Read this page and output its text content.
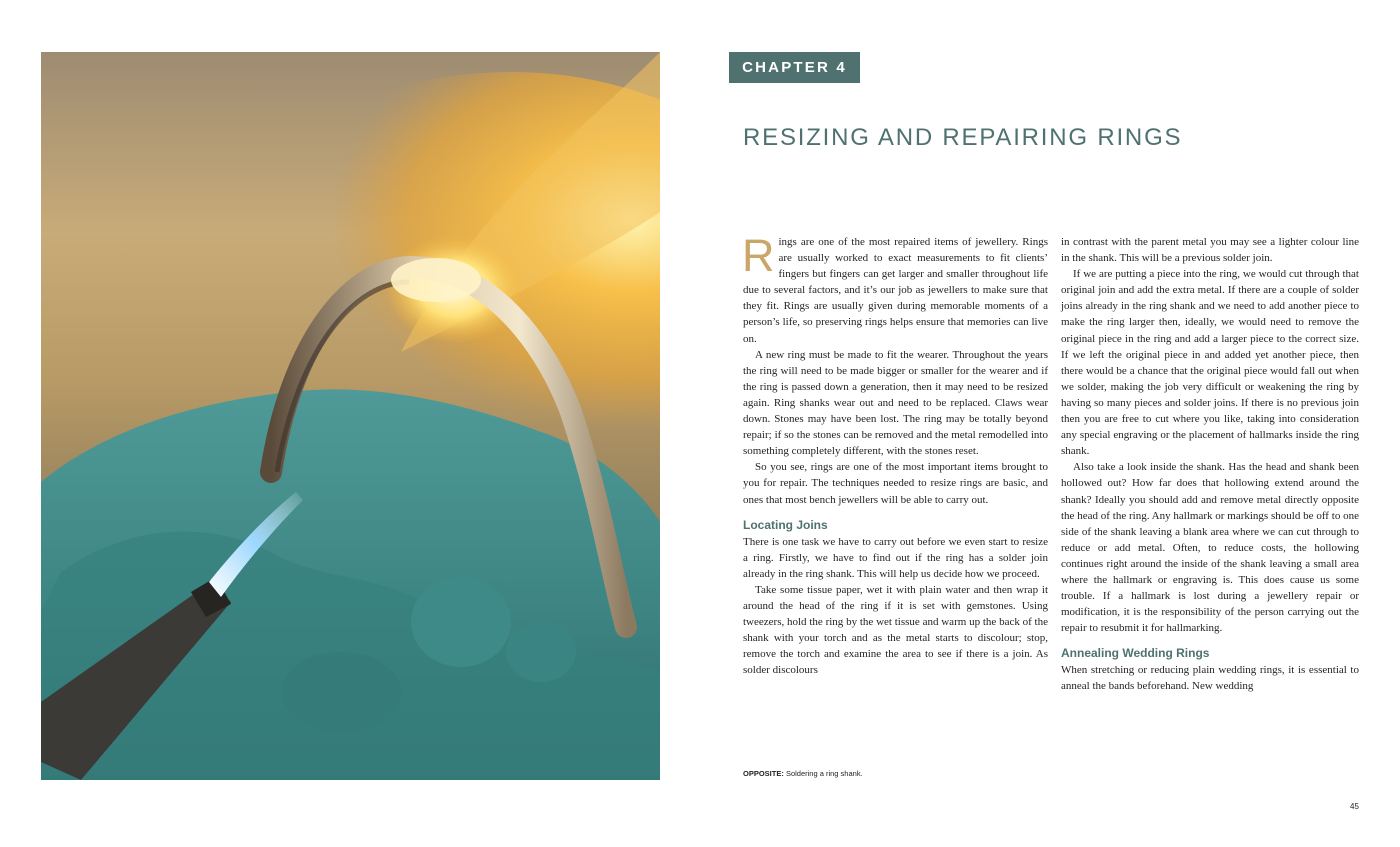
CHAPTER 4
RESIZING AND REPAIRING RINGS

Rings are one of the most repaired items of jewellery. Rings are usually worked to exact measurements to fit clients’ fingers but fingers can get larger and smaller throughout life due to several factors, and it’s our job as jewellers to make sure that they fit. Rings are usually given during memorable moments of a person’s life, so preserving rings helps ensure that memories can live on.

A new ring must be made to fit the wearer. Throughout the years the ring will need to be made bigger or smaller for the wearer and if the ring is passed down a generation, then it may need to be resized again. Ring shanks wear out and need to be replaced. Claws wear down. Stones may have been lost. The ring may be totally beyond repair; if so the stones can be removed and the metal remodelled into something completely different, with the stones reset.

So you see, rings are one of the most important items brought to you for repair. The techniques needed to resize rings are basic, and ones that most bench jewellers will be able to carry out.

Locating Joins

There is one task we have to carry out before we even start to resize a ring. Firstly, we have to find out if the ring has a solder join already in the ring shank. This will help us decide how we proceed.

Take some tissue paper, wet it with plain water and then wrap it around the head of the ring if it is set with gemstones. Using tweezers, hold the ring by the wet tissue and warm up the back of the shank with your torch and as the metal starts to discolour; stop, remove the torch and examine the area to see if there is a join. As solder discolours

in contrast with the parent metal you may see a lighter colour line in the shank. This will be a previous solder join.

If we are putting a piece into the ring, we would cut through that original join and add the extra metal. If there are a couple of solder joins already in the ring shank and we need to add another piece to make the ring larger then, ideally, we would need to remove the original piece in the ring and add a larger piece to the correct size. If we left the original piece in and added yet another piece, then there would be a chance that the original piece would fall out when we solder, making the job very difficult or weakening the ring by having so many pieces and solder joins. If there is no previous join then you are free to cut where you like, taking into consideration any special engraving or the placement of hallmarks inside the ring shank.

Also take a look inside the shank. Has the head and shank been hollowed out? How far does that hollowing extend around the shank? Ideally you should add and remove metal directly opposite the head of the ring. Any hallmark or markings should be off to one side of the shank leaving a blank area where we can cut through to reduce or add metal. Often, to reduce costs, the hollowing continues right around the inside of the shank leaving a small area where the hallmark or engraving is. This does cause us some trouble. If a hallmark is lost during a jewellery repair or modification, it is the responsibility of the person carrying out the repair to resubmit it for hallmarking.

Annealing Wedding Rings

When stretching or reducing plain wedding rings, it is essential to anneal the bands beforehand. New wedding

OPPOSITE: Soldering a ring shank.
45
